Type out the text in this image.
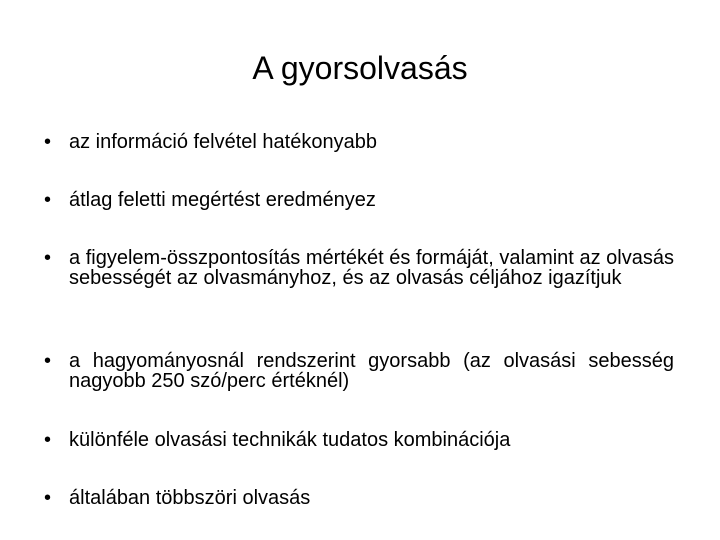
A gyorsolvasás
• az információ felvétel hatékonyabb
• átlag feletti megértést eredményez
• a figyelem-összpontosítás mértékét és formáját, valamint az olvasás sebességét az olvasmányhoz, és az olvasás céljához igazítjuk
• a hagyományosnál rendszerint gyorsabb (az olvasási sebesség nagyobb 250 szó/perc értéknél)
• különféle olvasási technikák tudatos kombinációja
• általában többszöri olvasás
